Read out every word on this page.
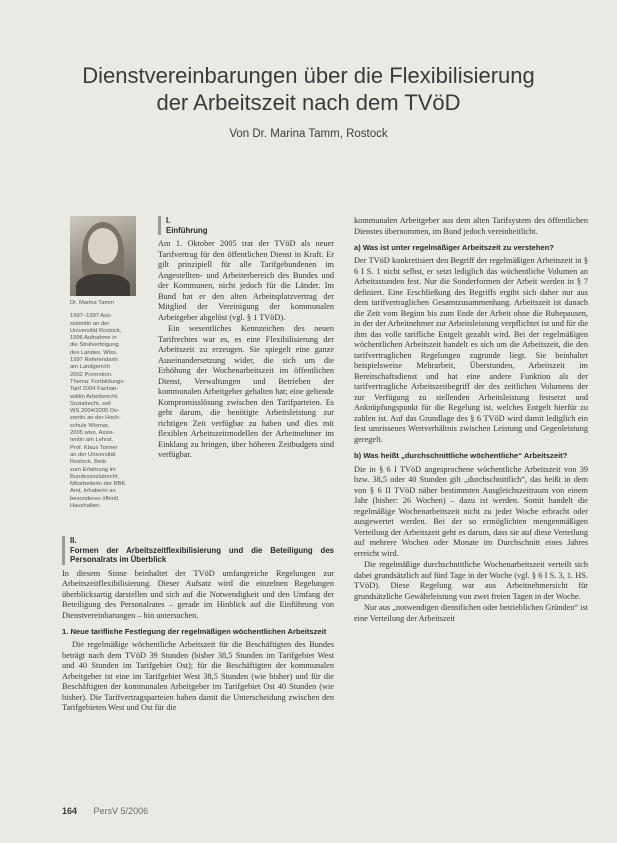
Dienstvereinbarungen über die Flexibilisierung
der Arbeitszeit nach dem TVöD
Von Dr. Marina Tamm, Rostock
Dr. Marina Tamm

1997–1997 Ass-

sistentin an der

Universität Rostock,

1996 Aufnahme in

die Strafverfolgung

des Landes. Wiss.

1997 Referendarin

am Landgericht

2002 Promotion.

Thema: Fortbildungs-

Tarif 2004 Fachan-

wältin Arbeitsrecht,

Sozialrecht, seit

WS 2004/2005 Do-

zentin an der Hoch-

schule Wismar,

2005 wiss. Assis-

tentin am Lehrst.

Prof. Klaus Tonner

an der Universität

Rostock, Beitr.

zum Erfahrung im

Bundessozialrecht,

Mitarbeiterin der RBK

Amt, Inhaberin an

besonderen öffentl.

Haushalten.

I.
Einführung

Am 1. Oktober 2005 trat der TVöD als neuer Tarifvertrag für den öffentlichen Dienst in Kraft. Er gilt prinzipiell für alle Tarifgebundenen im Angestellten- und Arbeiterbereich des Bundes und der Kommunen, nicht jedoch für die Länder. Im Bund hat er den alten Arbeitsplatzvertrag der Mitglied der Vereinigung der kommunalen Arbeitgeber abgelöst (vgl. § 1 TVöD).

Ein wesentliches Kennzeichen des neuen Tarifrechtes war es, es eine Flexibilisierung der Arbeitszeit zu erzeugen. Sie spiegelt eine ganze Auseinandersetzung wider, die sich um die Erhöhung der Wochenarbeitszeit im öffentlichen Dienst, Verwaltungen und Betrieben der kommunalen Arbeitgeber gehalten hat; eine geltende Kompromisslösung zwischen den Tarifparteien. Es geht darum, die benötigte Arbeitsleistung zur richtigen Zeit verfügbar zu haben und dies mit flexiblen Arbeitszeitmodellen der Arbeitnehmer im Einklang zu bringen, über höheren Zeitbudgets sind verfügbar.

II.
Formen der Arbeitszeitflexibilisierung und die Beteiligung des Personalrats im Überblick

In diesem Sinne beinhaltet der TVöD umfangreiche Regelungen zur Arbeitszeitflexibilisierung. Dieser Aufsatz wird die einzelnen Regelungen überblicksartig darstellen und sich auf die Notwendigkeit und den Umfang der Beteiligung des Personalrates – gerade im Hinblick auf die Einführung von Dienstvereinbarungen – hin untersuchen.

1. Neue tarifliche Festlegung der regelmäßigen wöchentlichen Arbeitszeit

Die regelmäßige wöchentliche Arbeitszeit für die Beschäftigten des Bundes beträgt nach dem TVöD 39 Stunden (bisher 38,5 Stunden im Tarifgebiet West und 40 Stunden im Tarifgebiet Ost); für die Beschäftigten der kommunalen Arbeitgeber ist eine im Tarifgebiet West 38,5 Stunden (wie bisher) und für die Beschäftigten der kommunalen Arbeitgeber im Tarifgebiet Ost 40 Stunden (wie bisher). Die Tarifvertragsparteien haben damit die Unterscheidung zwischen den Tarifgebieten West und Ost für die

kommunalen Arbeitgeber aus dem alten Tarifsystem des öffentlichen Dienstes übernommen, im Bund jedoch vereinheitlicht.

a) Was ist unter regelmäßiger Arbeitszeit zu verstehen?

Der TVöD konkretisiert den Begriff der regelmäßigen Arbeitszeit in § 6 I S. 1 nicht selbst, er setzt lediglich das wöchentliche Volumen an Arbeitsstunden fest. Nur die Sonderformen der Arbeit werden in § 7 definiert. Eine Erschließung des Begriffs ergibt sich daher nur aus dem tarifvertraglichen Gesamtzusammenhang. Arbeitszeit ist danach die Zeit vom Beginn bis zum Ende der Arbeit ohne die Ruhepausen, in der der Arbeitnehmer zur Arbeitsleistung verpflichtet ist und für die ihm das volle tarifliche Entgelt gezahlt wird. Bei der regelmäßigen wöchentlichen Arbeitszeit handelt es sich um die Arbeitszeit, die den tarifvertraglichen Regelungen zugrunde liegt. Sie beinhaltet beispielsweise Mehrarbeit, Überstunden, Arbeitszeit im Bereitschaftsdienst und hat eine andere Funktion als der tarifvertragliche Arbeitszeitbegriff der des zeitlichen Volumens der zur Verfügung zu stellenden Arbeitsleistung festsetzt und Anknüpfungspunkt für die Regelung ist, welches Entgelt hierfür zu zahlen ist. Auf das Grundlage des § 6 TVöD wird damit lediglich ein fest umrissenes Wertverhältnis zwischen Leistung und Gegenleistung geregelt.

b) Was heißt „durchschnittliche wöchentliche“ Arbeitszeit?

Die in § 6 I TVöD angesprochene wöchentliche Arbeitszeit von 39 bzw. 38,5 oder 40 Stunden gilt „durchschnittlich“, das heißt in dem von § 6 II TVöD näher bestimmten Ausgleichszeitraum von einem Jahr (bisher: 26 Wochen) – dazu ist werden. Somit handelt die regelmäßige Wochenarbeitszeit nicht zu jeder Woche erbracht oder ausgewertet werden. Bei der so ermöglichten mengenmäßigen Verteilung der Arbeitszeit geht es darum, dass sie auf diese Verteilung auf mehrere Wochen oder Monate im Durchschnitt eines Jahres erreicht wird.

Die regelmäßige durchschnittliche Wochenarbeitszeit verteilt sich dabei grundsätzlich auf fünf Tage in der Woche (vgl. § 6 I S. 3, 1. HS. TVöD). Diese Regelung war aus Arbeitnehmersicht für grundsätzliche Gewährleistung von zwei freien Tagen in der Woche.

Nur aus „notwendigen dienstlichen oder betrieblichen Gründen“ ist eine Verteilung der Arbeitszeit

164 PersV 5/2006
